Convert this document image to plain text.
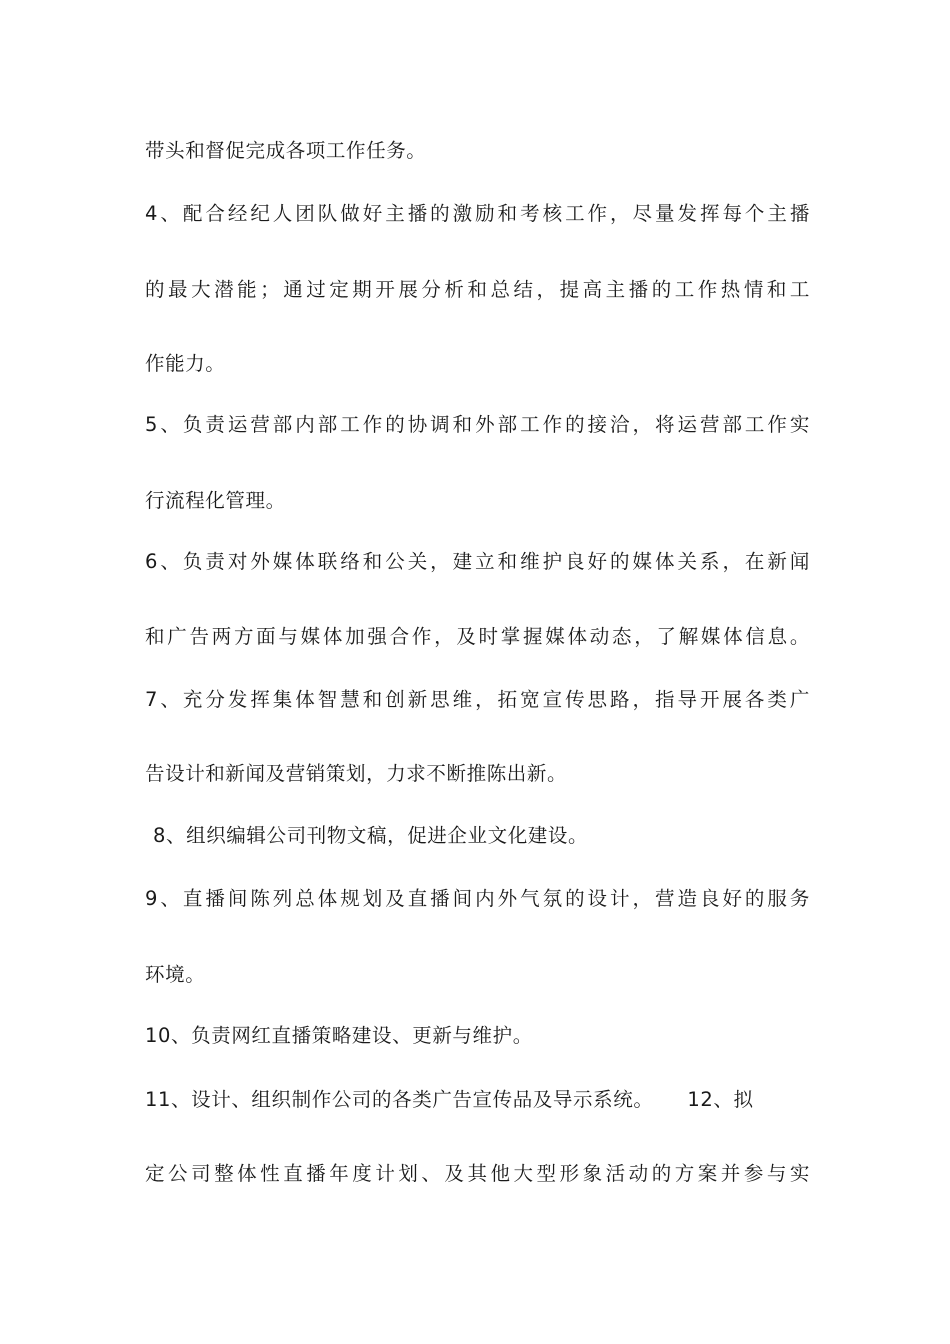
带头和督促完成各项工作任务。
4、配合经纪人团队做好主播的激励和考核工作，尽量发挥每个主播
的最大潜能；通过定期开展分析和总结，提高主播的工作热情和工
作能力。
5、负责运营部内部工作的协调和外部工作的接洽，将运营部工作实
行流程化管理。
6、负责对外媒体联络和公关，建立和维护良好的媒体关系，在新闻
和广告两方面与媒体加强合作，及时掌握媒体动态，了解媒体信息。
7、充分发挥集体智慧和创新思维，拓宽宣传思路，指导开展各类广
告设计和新闻及营销策划，力求不断推陈出新。
8、组织编辑公司刊物文稿，促进企业文化建设。
9、直播间陈列总体规划及直播间内外气氛的设计，营造良好的服务
环境。
10、负责网红直播策略建设、更新与维护。
11、设计、组织制作公司的各类广告宣传品及导示系统。     12、拟
定公司整体性直播年度计划、及其他大型形象活动的方案并参与实
